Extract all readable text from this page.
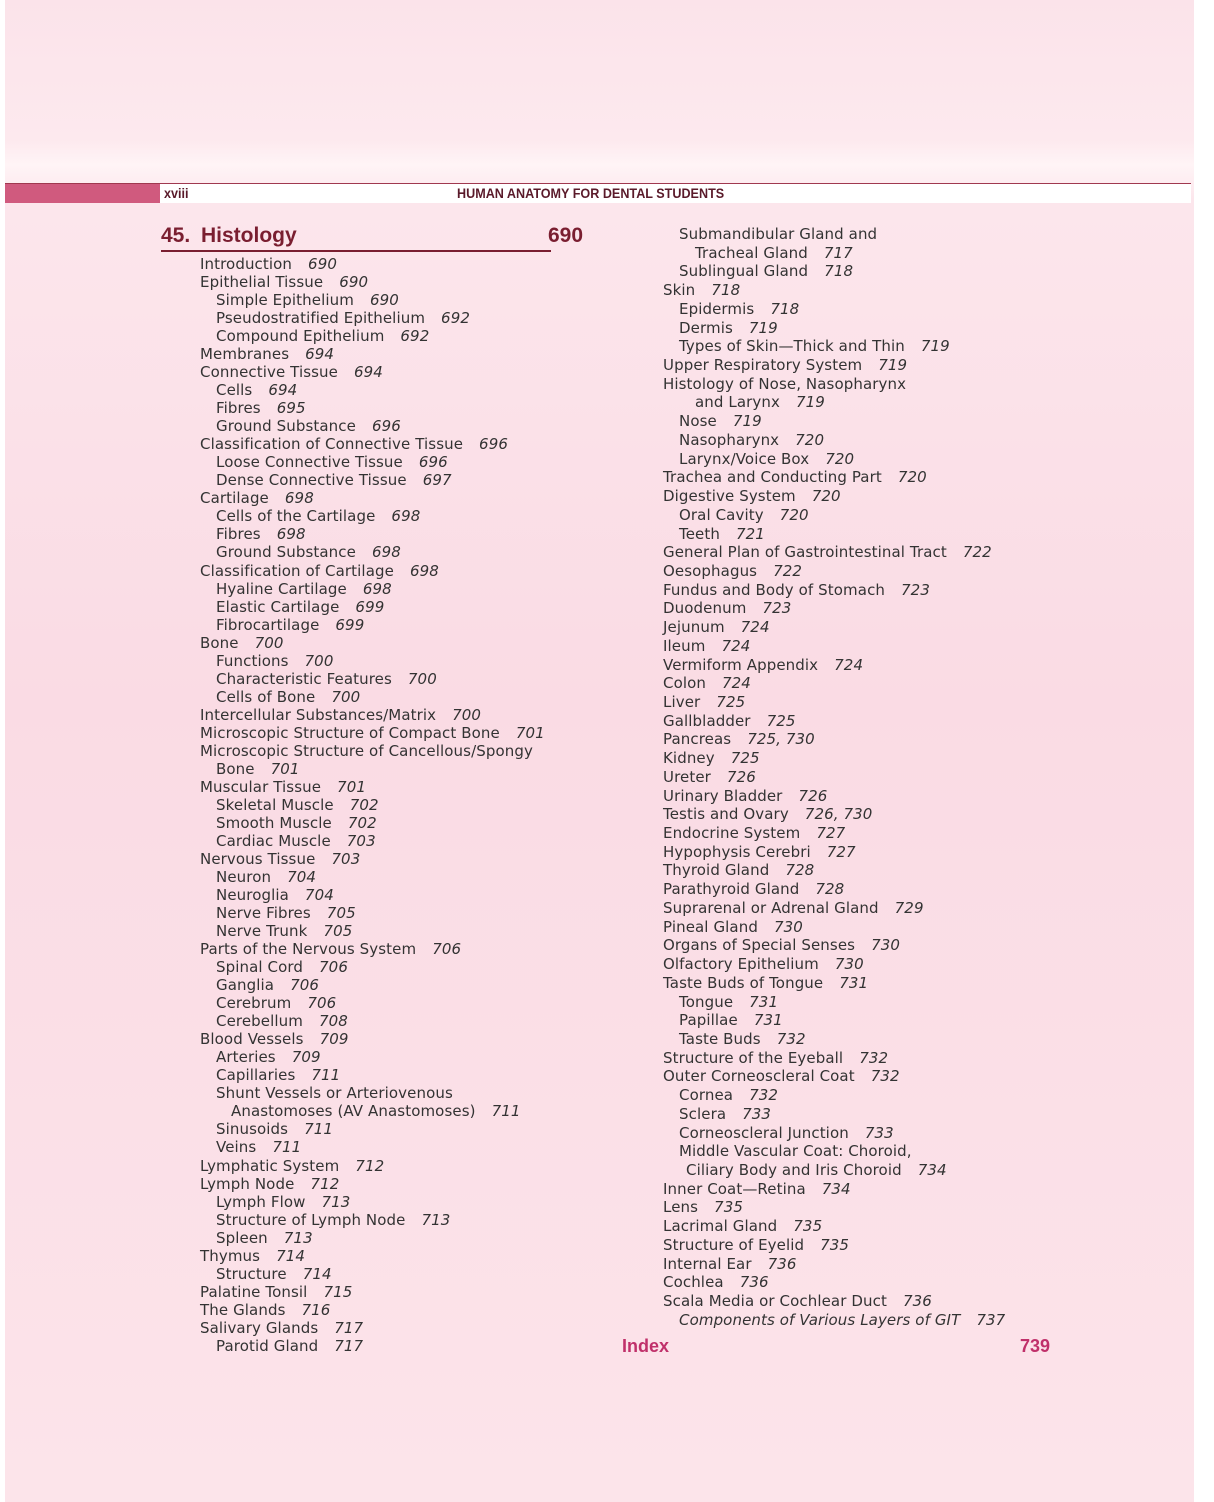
xviii	HUMAN ANATOMY FOR DENTAL STUDENTS
45. Histology	690
Introduction 690
Epithelial Tissue 690
Simple Epithelium 690
Pseudostratified Epithelium 692
Compound Epithelium 692
Membranes 694
Connective Tissue 694
Cells 694
Fibres 695
Ground Substance 696
Classification of Connective Tissue 696
Loose Connective Tissue 696
Dense Connective Tissue 697
Cartilage 698
Cells of the Cartilage 698
Fibres 698
Ground Substance 698
Classification of Cartilage 698
Hyaline Cartilage 698
Elastic Cartilage 699
Fibrocartilage 699
Bone 700
Functions 700
Characteristic Features 700
Cells of Bone 700
Intercellular Substances/Matrix 700
Microscopic Structure of Compact Bone 701
Microscopic Structure of Cancellous/Spongy
Bone 701
Muscular Tissue 701
Skeletal Muscle 702
Smooth Muscle 702
Cardiac Muscle 703
Nervous Tissue 703
Neuron 704
Neuroglia 704
Nerve Fibres 705
Nerve Trunk 705
Parts of the Nervous System 706
Spinal Cord 706
Ganglia 706
Cerebrum 706
Cerebellum 708
Blood Vessels 709
Arteries 709
Capillaries 711
Shunt Vessels or Arteriovenous
Anastomoses (AV Anastomoses) 711
Sinusoids 711
Veins 711
Lymphatic System 712
Lymph Node 712
Lymph Flow 713
Structure of Lymph Node 713
Spleen 713
Thymus 714
Structure 714
Palatine Tonsil 715
The Glands 716
Salivary Glands 717
Parotid Gland 717
Submandibular Gland and
Tracheal Gland 717
Sublingual Gland 718
Skin 718
Epidermis 718
Dermis 719
Types of Skin—Thick and Thin 719
Upper Respiratory System 719
Histology of Nose, Nasopharynx
and Larynx 719
Nose 719
Nasopharynx 720
Larynx/Voice Box 720
Trachea and Conducting Part 720
Digestive System 720
Oral Cavity 720
Teeth 721
General Plan of Gastrointestinal Tract 722
Oesophagus 722
Fundus and Body of Stomach 723
Duodenum 723
Jejunum 724
Ileum 724
Vermiform Appendix 724
Colon 724
Liver 725
Gallbladder 725
Pancreas 725, 730
Kidney 725
Ureter 726
Urinary Bladder 726
Testis and Ovary 726, 730
Endocrine System 727
Hypophysis Cerebri 727
Thyroid Gland 728
Parathyroid Gland 728
Suprarenal or Adrenal Gland 729
Pineal Gland 730
Organs of Special Senses 730
Olfactory Epithelium 730
Taste Buds of Tongue 731
Tongue 731
Papillae 731
Taste Buds 732
Structure of the Eyeball 732
Outer Corneoscleral Coat 732
Cornea 732
Sclera 733
Corneoscleral Junction 733
Middle Vascular Coat: Choroid,
Ciliary Body and Iris Choroid 734
Inner Coat—Retina 734
Lens 735
Lacrimal Gland 735
Structure of Eyelid 735
Internal Ear 736
Cochlea 736
Scala Media or Cochlear Duct 736
Components of Various Layers of GIT 737
Index	739
